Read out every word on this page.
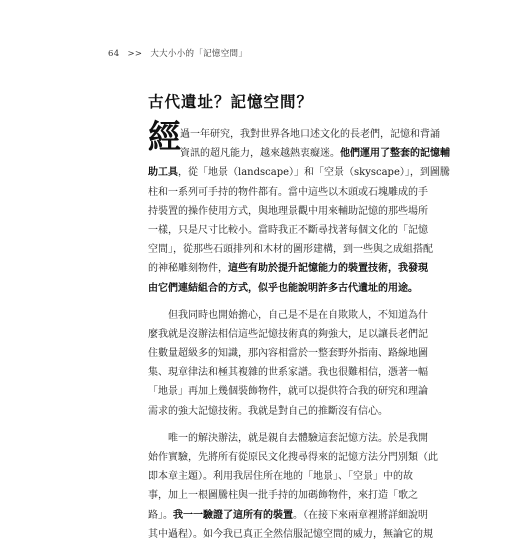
64 >> 大大小小的「記憶空間」
古代遺址？記憶空間？
經 過一年研究，我對世界各地口述文化的長老們，記憶和背誦
資訊的超凡能力，越來越熱衷癡迷。他們運用了整套的記憶輔
助工具，從「地景（landscape）」和「空景（skyscape）」，到圖騰
柱和一系列可手持的物件都有。當中這些以木頭或石塊雕成的手
持裝置的操作使用方式，與地理景觀中用來輔助記憶的那些場所
一樣，只是尺寸比較小。當時我正不斷尋找著每個文化的「記憶
空間」，從那些石頭排列和木材的圖形建構，到一些與之成組搭配
的神秘雕刻物件，這些有助於提升記憶能力的裝置技術，我發現
由它們連結組合的方式，似乎也能說明許多古代遺址的用途。
但我同時也開始擔心，自己是不是在自欺欺人，不知道為什
麼我就是沒辦法相信這些記憶技術真的夠強大，足以讓長老們記
住數量超級多的知識，那內容相當於一整套野外指南、路線地圖
集、現章律法和極其複雜的世系家譜。我也很難相信，憑著一幅
「地景」再加上幾個裝飾物件，就可以提供符合我的研究和理論
需求的強大記憶技術。我就是對自己的推斷沒有信心。
唯一的解決辦法，就是親自去體驗這套記憶方法。於是我開
始作實驗，先將所有從原民文化搜尋得來的記憶方法分門別類（此
即本章主題）。利用我居住所在地的「地景」、「空景」中的故
事，加上一根圖騰柱與一批手持的加碼飾物件，來打造「歌之
路」。我一一驗證了這所有的裝置。（在接下來兩章裡將詳細說明
其中過程）。如今我已真正全然信服記憶空間的威力，無論它的規
